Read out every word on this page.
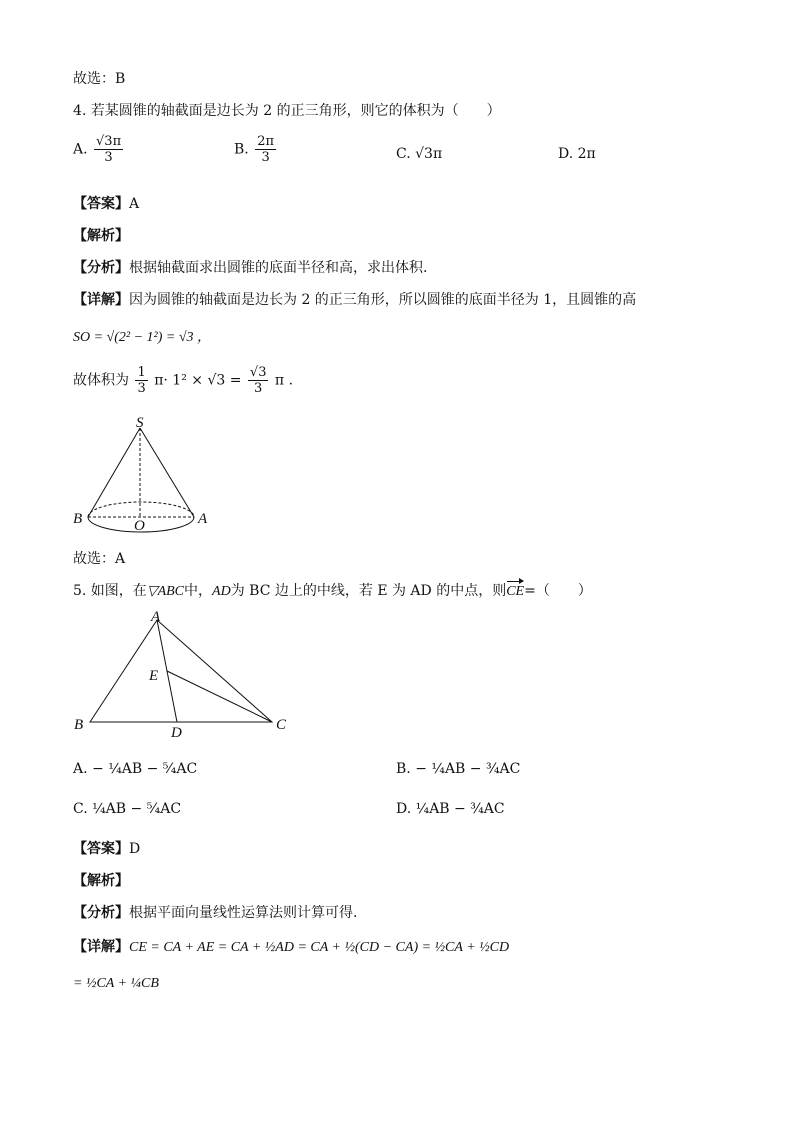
故选：B
4. 若某圆锥的轴截面是边长为 2 的正三角形，则它的体积为（　　）
A. $\frac{√3\pi}{3}$	B. $\frac{2\pi}{3}$	C. √3π	D. 2π
【答案】A
【解析】
【分析】根据轴截面求出圆锥的底面半径和高，求出体积.
【详解】因为圆锥的轴截面是边长为 2 的正三角形，所以圆锥的底面半径为 1，且圆锥的高
SO = √(2² − 1²) = √3 ，
故体积为 $\frac{1}{3} \pi\cdot 1^2 \times √3 = \frac{√3}{3}$ π .
S
B	O	A
故选：A
5. 如图，在▽ABC中，AD为 BC 边上的中线，若 E 为 AD 的中点，则CE=（　　）
A
E
B	D	C
A. − ¼AB − ⁵⁄₄AC	B. − ¼AB − ¾AC
C. ¼AB − ⁵⁄₄AC	D. ¼AB − ¾AC
【答案】D
【解析】
【分析】根据平面向量线性运算法则计算可得.
【详解】CE = CA + AE = CA + ½AD = CA + ½(CD − CA) = ½CA + ½CD
= ½CA + ¼CB
